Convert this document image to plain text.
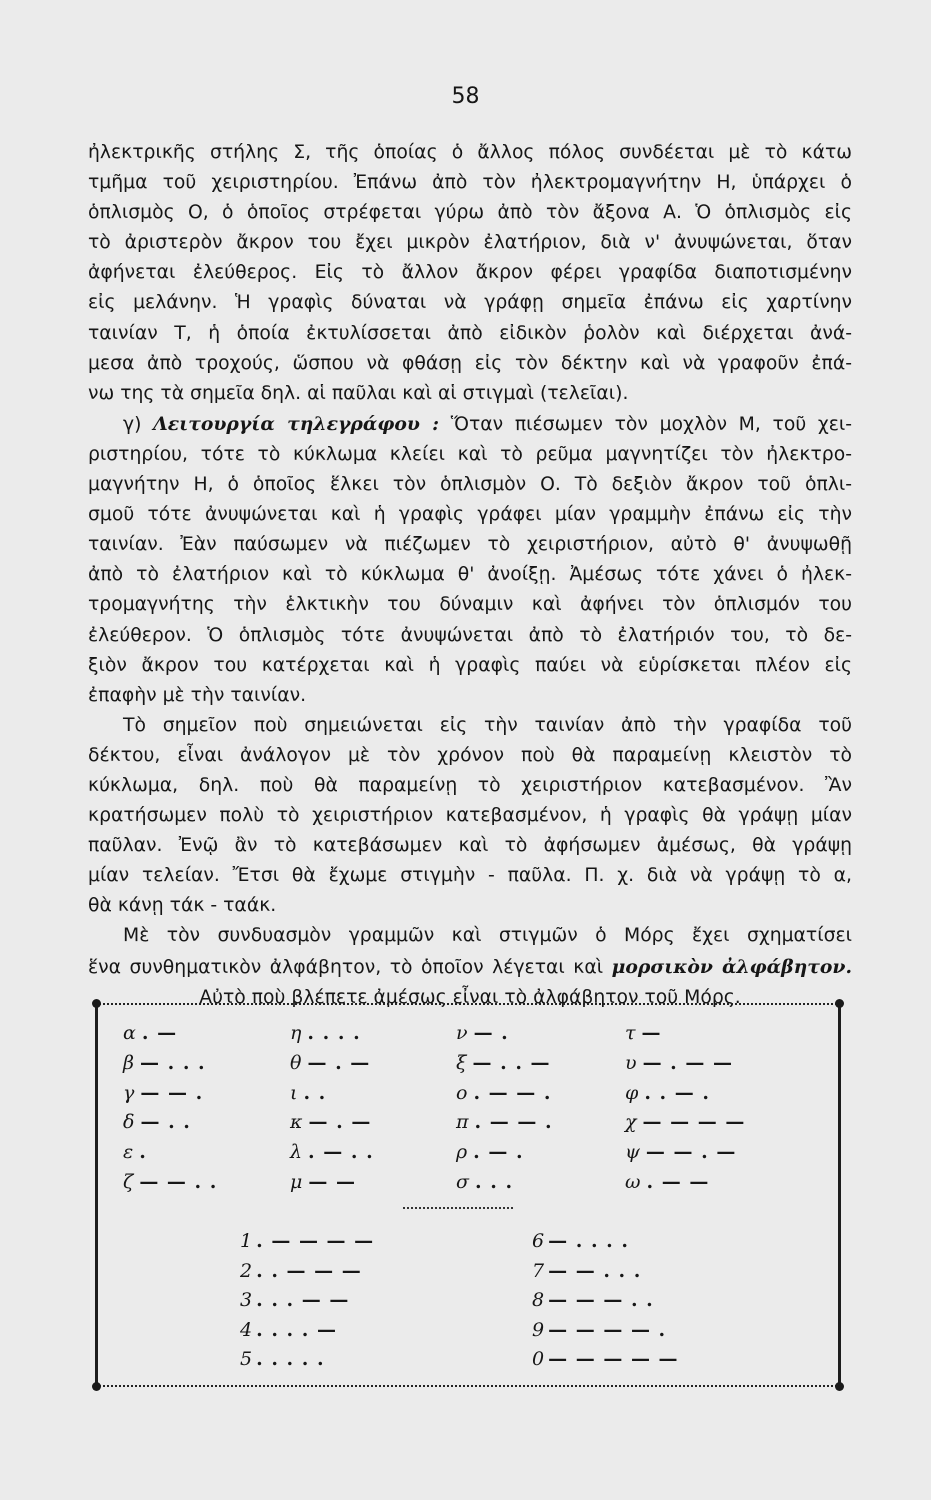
58
ἠλεκτρικῆς στήλης Σ, τῆς ὁποίας ὁ ἄλλος πόλος συνδέεται μὲ τὸ κάτω
τμῆμα τοῦ χειριστηρίου. Ἐπάνω ἀπὸ τὸν ἠλεκτρομαγνήτην Η, ὑπάρχει ὁ
ὁπλισμὸς Ο, ὁ ὁποῖος στρέφεται γύρω ἀπὸ τὸν ἄξονα Α. Ὁ ὁπλισμὸς εἰς
τὸ ἀριστερὸν ἄκρον του ἔχει μικρὸν ἐλατήριον, διὰ ν' ἀνυψώνεται, ὅταν
ἀφήνεται ἐλεύθερος. Εἰς τὸ ἄλλον ἄκρον φέρει γραφίδα διαποτισμένην
εἰς μελάνην. Ἡ γραφὶς δύναται νὰ γράφῃ σημεῖα ἐπάνω εἰς χαρτίνην
ταινίαν Τ, ἡ ὁποία ἐκτυλίσσεται ἀπὸ εἰδικὸν ῥολὸν καὶ διέρχεται ἀνά-
μεσα ἀπὸ τροχούς, ὥσπου νὰ φθάσῃ εἰς τὸν δέκτην καὶ νὰ γραφοῦν ἐπά-
νω της τὰ σημεῖα δηλ. αἱ παῦλαι καὶ αἱ στιγμαὶ (τελεῖαι).
γ) Λειτουργία τηλεγράφου : Ὅταν πιέσωμεν τὸν μοχλὸν Μ, τοῦ χει-
ριστηρίου, τότε τὸ κύκλωμα κλείει καὶ τὸ ρεῦμα μαγνητίζει τὸν ἠλεκτρο-
μαγνήτην Η, ὁ ὁποῖος ἕλκει τὸν ὁπλισμὸν Ο. Τὸ δεξιὸν ἄκρον τοῦ ὁπλι-
σμοῦ τότε ἀνυψώνεται καὶ ἡ γραφὶς γράφει μίαν γραμμὴν ἐπάνω εἰς τὴν
ταινίαν. Ἐὰν παύσωμεν νὰ πιέζωμεν τὸ χειριστήριον, αὐτὸ θ' ἀνυψωθῇ
ἀπὸ τὸ ἐλατήριον καὶ τὸ κύκλωμα θ' ἀνοίξῃ. Ἀμέσως τότε χάνει ὁ ἠλεκ-
τρομαγνήτης τὴν ἑλκτικὴν του δύναμιν καὶ ἀφήνει τὸν ὁπλισμόν του
ἐλεύθερον. Ὁ ὁπλισμὸς τότε ἀνυψώνεται ἀπὸ τὸ ἐλατήριόν του, τὸ δε-
ξιὸν ἄκρον του κατέρχεται καὶ ἡ γραφὶς παύει νὰ εὑρίσκεται πλέον εἰς
ἐπαφὴν μὲ τὴν ταινίαν.
Τὸ σημεῖον ποὺ σημειώνεται εἰς τὴν ταινίαν ἀπὸ τὴν γραφίδα τοῦ
δέκτου, εἶναι ἀνάλογον μὲ τὸν χρόνον ποὺ θὰ παραμείνῃ κλειστὸν τὸ
κύκλωμα, δηλ. ποὺ θὰ παραμείνῃ τὸ χειριστήριον κατεβασμένον. Ἂν
κρατήσωμεν πολὺ τὸ χειριστήριον κατεβασμένον, ἡ γραφὶς θὰ γράψῃ μίαν
παῦλαν. Ἐνῷ ἂν τὸ κατεβάσωμεν καὶ τὸ ἀφήσωμεν ἀμέσως, θὰ γράψῃ
μίαν τελείαν. Ἔτσι θὰ ἔχωμε στιγμὴν - παῦλα. Π. χ. διὰ νὰ γράψῃ τὸ α,
θὰ κάνῃ τάκ - ταάκ.
Μὲ τὸν συνδυασμὸν γραμμῶν καὶ στιγμῶν ὁ Μόρς ἔχει σχηματίσει
ἕνα συνθηματικὸν ἀλφάβητον, τὸ ὁποῖον λέγεται καὶ μορσικὸν ἀλφάβητον.
Αὐτὸ ποὺ βλέπετε ἀμέσως εἶναι τὸ ἀλφάβητον τοῦ Μόρς.
α . —
β — . . .
γ — — .
δ — . .
ε .
ζ — — . .
η . . . .
θ — . —
ι . .
κ — . —
λ . — . .
μ — —
ν — .
ξ — . . —
ο . — — .
π . — — .
ρ . — .
σ . . .
τ —
υ — . — —
φ . . — .
χ — — — —
ψ — — . —
ω . — —
1 . — — — —
2 . . — — —
3 . . . — —
4 . . . . —
5 . . . . .
6 — . . . .
7 — — . . .
8 — — — . .
9 — — — — .
0 — — — — —
